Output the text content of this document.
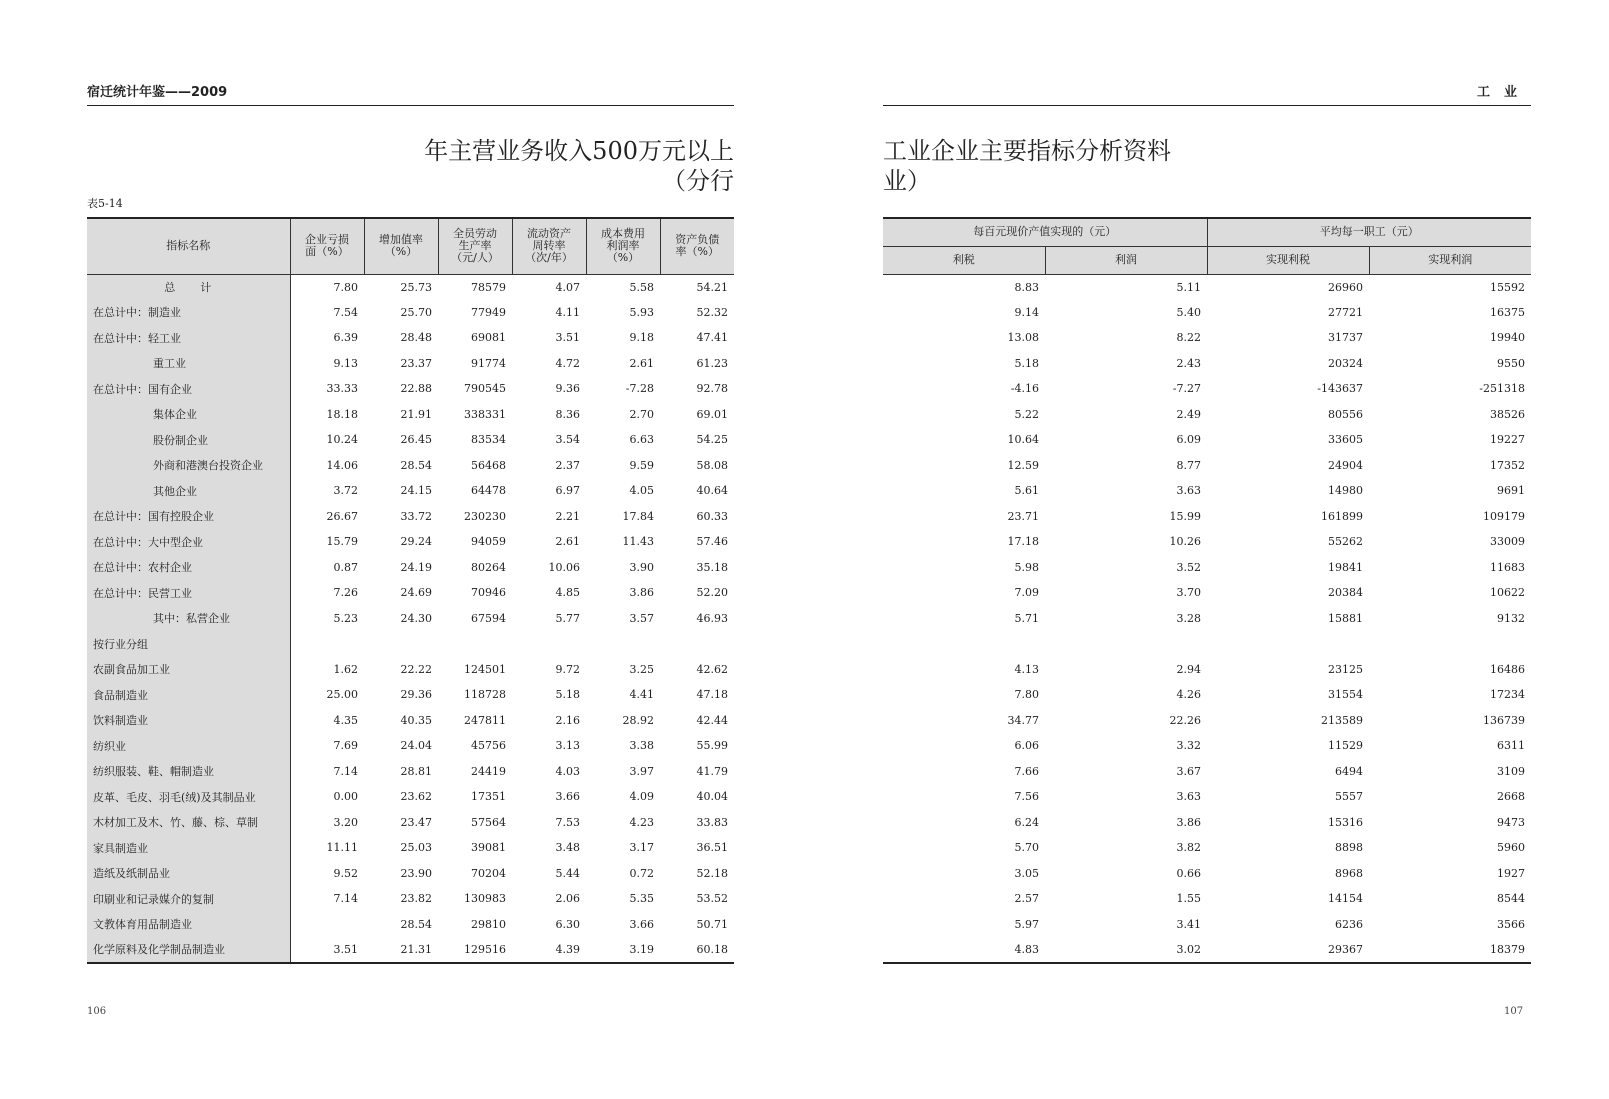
宿迁统计年鉴——2009
年主营业务收入500万元以上
（分行
表5-14
指标名称	企业亏损面（%）	增加值率（%）	全员劳动生产率（元/人）	流动资产周转率（次/年）	成本费用利润率（%）	资产负债率（%）

总　　计	7.80	25.73	78579	4.07	5.58	54.21
在总计中：制造业	7.54	25.70	77949	4.11	5.93	52.32
在总计中：轻工业	6.39	28.48	69081	3.51	9.18	47.41
重工业	9.13	23.37	91774	4.72	2.61	61.23
在总计中：国有企业	33.33	22.88	790545	9.36	-7.28	92.78
集体企业	18.18	21.91	338331	8.36	2.70	69.01
股份制企业	10.24	26.45	83534	3.54	6.63	54.25
外商和港澳台投资企业	14.06	28.54	56468	2.37	9.59	58.08
其他企业	3.72	24.15	64478	6.97	4.05	40.64
在总计中：国有控股企业	26.67	33.72	230230	2.21	17.84	60.33
在总计中：大中型企业	15.79	29.24	94059	2.61	11.43	57.46
在总计中：农村企业	0.87	24.19	80264	10.06	3.90	35.18
在总计中：民营工业	7.26	24.69	70946	4.85	3.86	52.20
其中：私营企业	5.23	24.30	67594	5.77	3.57	46.93
按行业分组						
农副食品加工业	1.62	22.22	124501	9.72	3.25	42.62
食品制造业	25.00	29.36	118728	5.18	4.41	47.18
饮料制造业	4.35	40.35	247811	2.16	28.92	42.44
纺织业	7.69	24.04	45756	3.13	3.38	55.99
纺织服装、鞋、帽制造业	7.14	28.81	24419	4.03	3.97	41.79
皮革、毛皮、羽毛(绒)及其制品业	0.00	23.62	17351	3.66	4.09	40.04
木材加工及木、竹、藤、棕、草制	3.20	23.47	57564	7.53	4.23	33.83
家具制造业	11.11	25.03	39081	3.48	3.17	36.51
造纸及纸制品业	9.52	23.90	70204	5.44	0.72	52.18
印刷业和记录媒介的复制	7.14	23.82	130983	2.06	5.35	53.52
文教体育用品制造业		28.54	29810	6.30	3.66	50.71
化学原料及化学制品制造业	3.51	21.31	129516	4.39	3.19	60.18
106
工业
工业企业主要指标分析资料
业）
每百元现价产值实现的（元）		平均每一职工（元）	
利税	利润	实现利税	实现利润
8.83	5.11	26960	15592
9.14	5.40	27721	16375
13.08	8.22	31737	19940
5.18	2.43	20324	9550
-4.16	-7.27	-143637	-251318
5.22	2.49	80556	38526
10.64	6.09	33605	19227
12.59	8.77	24904	17352
5.61	3.63	14980	9691
23.71	15.99	161899	109179
17.18	10.26	55262	33009
5.98	3.52	19841	11683
7.09	3.70	20384	10622
5.71	3.28	15881	9132

4.13	2.94	23125	16486
7.80	4.26	31554	17234
34.77	22.26	213589	136739
6.06	3.32	11529	6311
7.66	3.67	6494	3109
7.56	3.63	5557	2668
6.24	3.86	15316	9473
5.70	3.82	8898	5960
3.05	0.66	8968	1927
2.57	1.55	14154	8544
5.97	3.41	6236	3566
4.83	3.02	29367	18379
107
